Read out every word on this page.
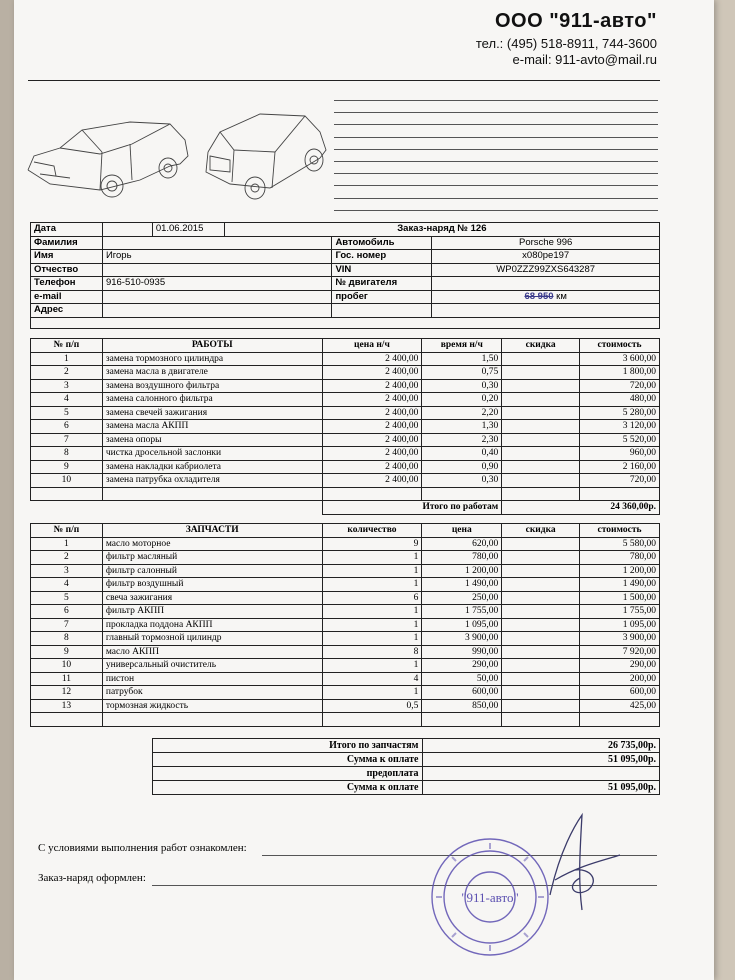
ООО "911-авто"
тел.: (495) 518-8911, 744-3600
e-mail: 911-avto@mail.ru
Дата		01.06.2015	Заказ-наряд № 126		
Фамилия				Автомобиль	Porsche 996
Имя	Игорь			Гос. номер	х080ре197
Отчество				VIN	WP0ZZZ99ZXS643287
Телефон	916-510-0935			№ двигателя	
e-mail				пробег	68 950 км
Адрес					

№ п/п	РАБОТЫ	цена н/ч	время н/ч	скидка	стоимость
1	замена тормозного цилиндра	2 400,00	1,50		3 600,00
2	замена масла в двигателе	2 400,00	0,75		1 800,00
3	замена воздушного фильтра	2 400,00	0,30		720,00
4	замена салонного фильтра	2 400,00	0,20		480,00
5	замена свечей зажигания	2 400,00	2,20		5 280,00
6	замена масла АКПП	2 400,00	1,30		3 120,00
7	замена опоры	2 400,00	2,30		5 520,00
8	чистка дросельной заслонки	2 400,00	0,40		960,00
9	замена накладки кабриолета	2 400,00	0,90		2 160,00
10	замена патрубка охладителя	2 400,00	0,30		720,00

		Итого по работам		24 360,00р.	
№ п/п	ЗАПЧАСТИ	количество	цена	скидка	стоимость
1	масло моторное	9	620,00		5 580,00
2	фильтр масляный	1	780,00		780,00
3	фильтр салонный	1	1 200,00		1 200,00
4	фильтр воздушный	1	1 490,00		1 490,00
5	свеча зажигания	6	250,00		1 500,00
6	фильтр АКПП	1	1 755,00		1 755,00
7	прокладка поддона АКПП	1	1 095,00		1 095,00
8	главный тормозной цилиндр	1	3 900,00		3 900,00
9	масло АКПП	8	990,00		7 920,00
10	универсальный очиститель	1	290,00		290,00
11	пистон	4	50,00		200,00
12	патрубок	1	600,00		600,00
13	тормозная жидкость	0,5	850,00		425,00

Итого по запчастям	26 735,00р.
Сумма к оплате	51 095,00р.
предоплата	
Сумма к оплате	51 095,00р.
С условиями выполнения работ ознакомлен:
Заказ-наряд оформлен:
"911-авто"
